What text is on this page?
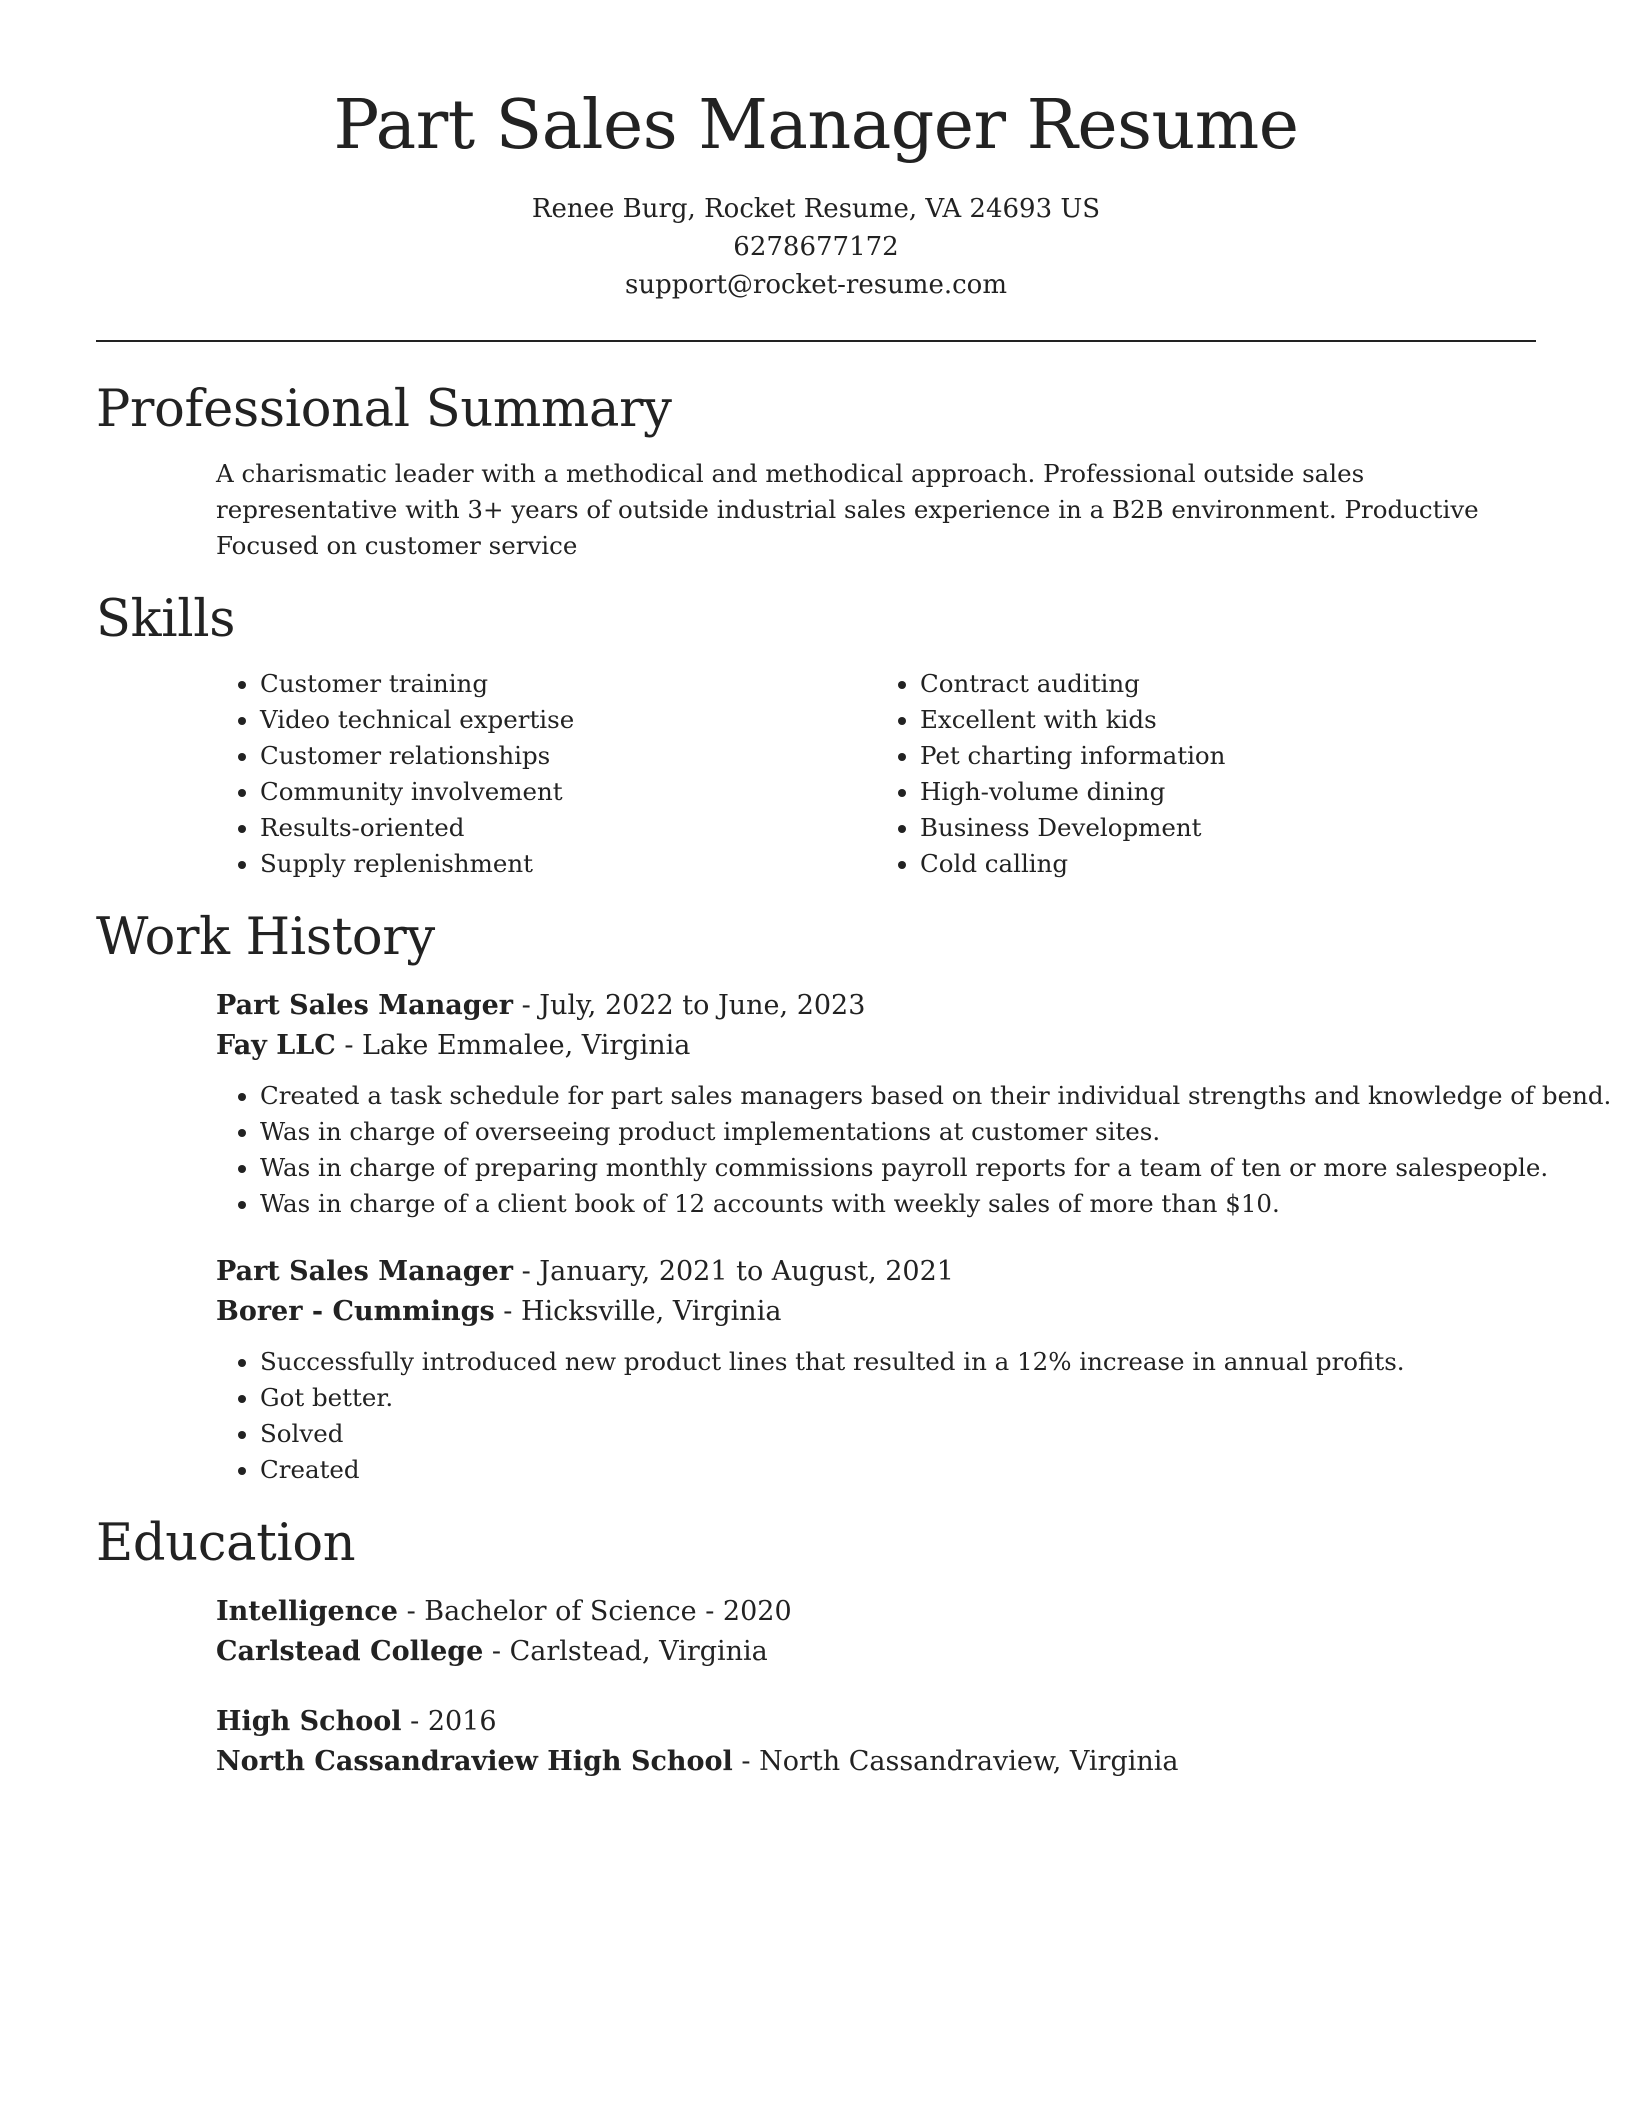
Part Sales Manager Resume
Renee Burg, Rocket Resume, VA 24693 US
6278677172
support@rocket-resume.com
Professional Summary
A charismatic leader with a methodical and methodical approach. Professional outside sales representative with 3+ years of outside industrial sales experience in a B2B environment. Productive Focused on customer service
Skills
• Customer training
• Video technical expertise
• Customer relationships
• Community involvement
• Results-oriented
• Supply replenishment
• Contract auditing
• Excellent with kids
• Pet charting information
• High-volume dining
• Business Development
• Cold calling
Work History
Part Sales Manager - July, 2022 to June, 2023
Fay LLC - Lake Emmalee, Virginia
• Created a task schedule for part sales managers based on their individual strengths and knowledge of bend.
• Was in charge of overseeing product implementations at customer sites.
• Was in charge of preparing monthly commissions payroll reports for a team of ten or more salespeople.
• Was in charge of a client book of 12 accounts with weekly sales of more than $10.
Part Sales Manager - January, 2021 to August, 2021
Borer - Cummings - Hicksville, Virginia
• Successfully introduced new product lines that resulted in a 12% increase in annual profits.
• Got better.
• Solved
• Created
Education
Intelligence - Bachelor of Science - 2020
Carlstead College - Carlstead, Virginia
High School - 2016
North Cassandraview High School - North Cassandraview, Virginia
